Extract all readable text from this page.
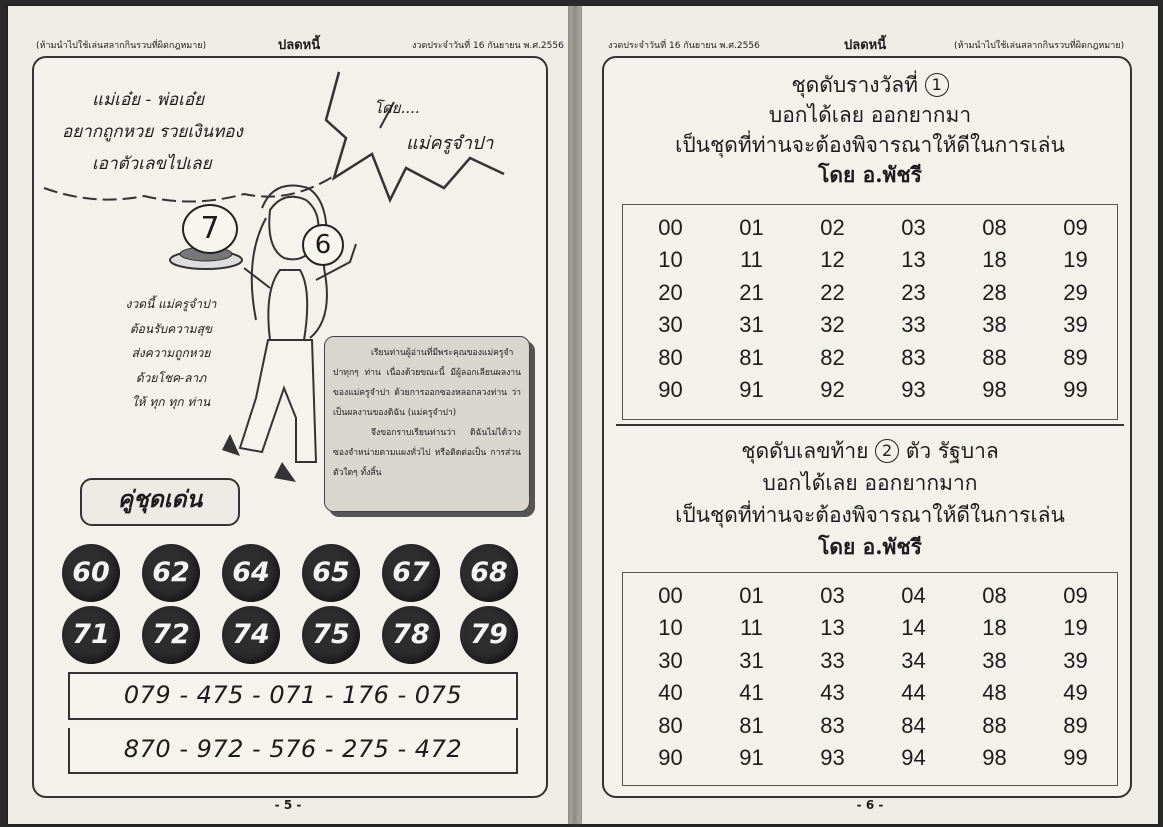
(ห้ามนำไปใช้เล่นสลากกินรวบที่ผิดกฎหมาย)	ปลดหนี้	งวดประจำวันที่ 16 กันยายน พ.ศ.2556
แม่เอ๋ย - พ่อเอ๋ย
อยากถูกหวย รวยเงินทอง
เอาตัวเลขไปเลย
โดย....
แม่ครูจำปา
7	6
งวดนี้ แม่ครูจำปา
ต้อนรับความสุข
ส่งความถูกหวย
ด้วยโชค-ลาภ
ให้ ทุก ทุก ท่าน

เรียนท่านผู้อ่านที่มีพระคุณของแม่ครูจำปาทุกๆ ท่าน เนื่องด้วยขณะนี้ มีผู้ลอกเลียนผลงานของแม่ครูจำปา ด้วยการออกซองหลอกลวงท่าน ว่าเป็นผลงานของดิฉัน (แม่ครูจำปา)

จึงขอกราบเรียนท่านว่า ดิฉันไม่ได้วางซองจำหน่ายตามแผงทั่วไป หรือติดต่อเป็น การส่วนตัวใดๆ ทั้งสิ้น

คู่ชุดเด่น
60	62	64	65	67	68
71	72	74	75	78	79
079 - 475 - 071 - 176 - 075
870 - 972 - 576 - 275 - 472
- 5 -
งวดประจำวันที่ 16 กันยายน พ.ศ.2556	ปลดหนี้	(ห้ามนำไปใช้เล่นสลากกินรวบที่ผิดกฎหมาย)
ชุดดับรางวัลที่ 1
บอกได้เลย ออกยากมา
เป็นชุดที่ท่านจะต้องพิจารณาให้ดีในการเล่น
โดย อ.พัชรี
00	01	02	03	08	09
10	11	12	13	18	19
20	21	22	23	28	29
30	31	32	33	38	39
80	81	82	83	88	89
90	91	92	93	98	99
ชุดดับเลขท้าย 2 ตัว รัฐบาล
บอกได้เลย ออกยากมาก
เป็นชุดที่ท่านจะต้องพิจารณาให้ดีในการเล่น
โดย อ.พัชรี
00	01	03	04	08	09
10	11	13	14	18	19
30	31	33	34	38	39
40	41	43	44	48	49
80	81	83	84	88	89
90	91	93	94	98	99
- 6 -
